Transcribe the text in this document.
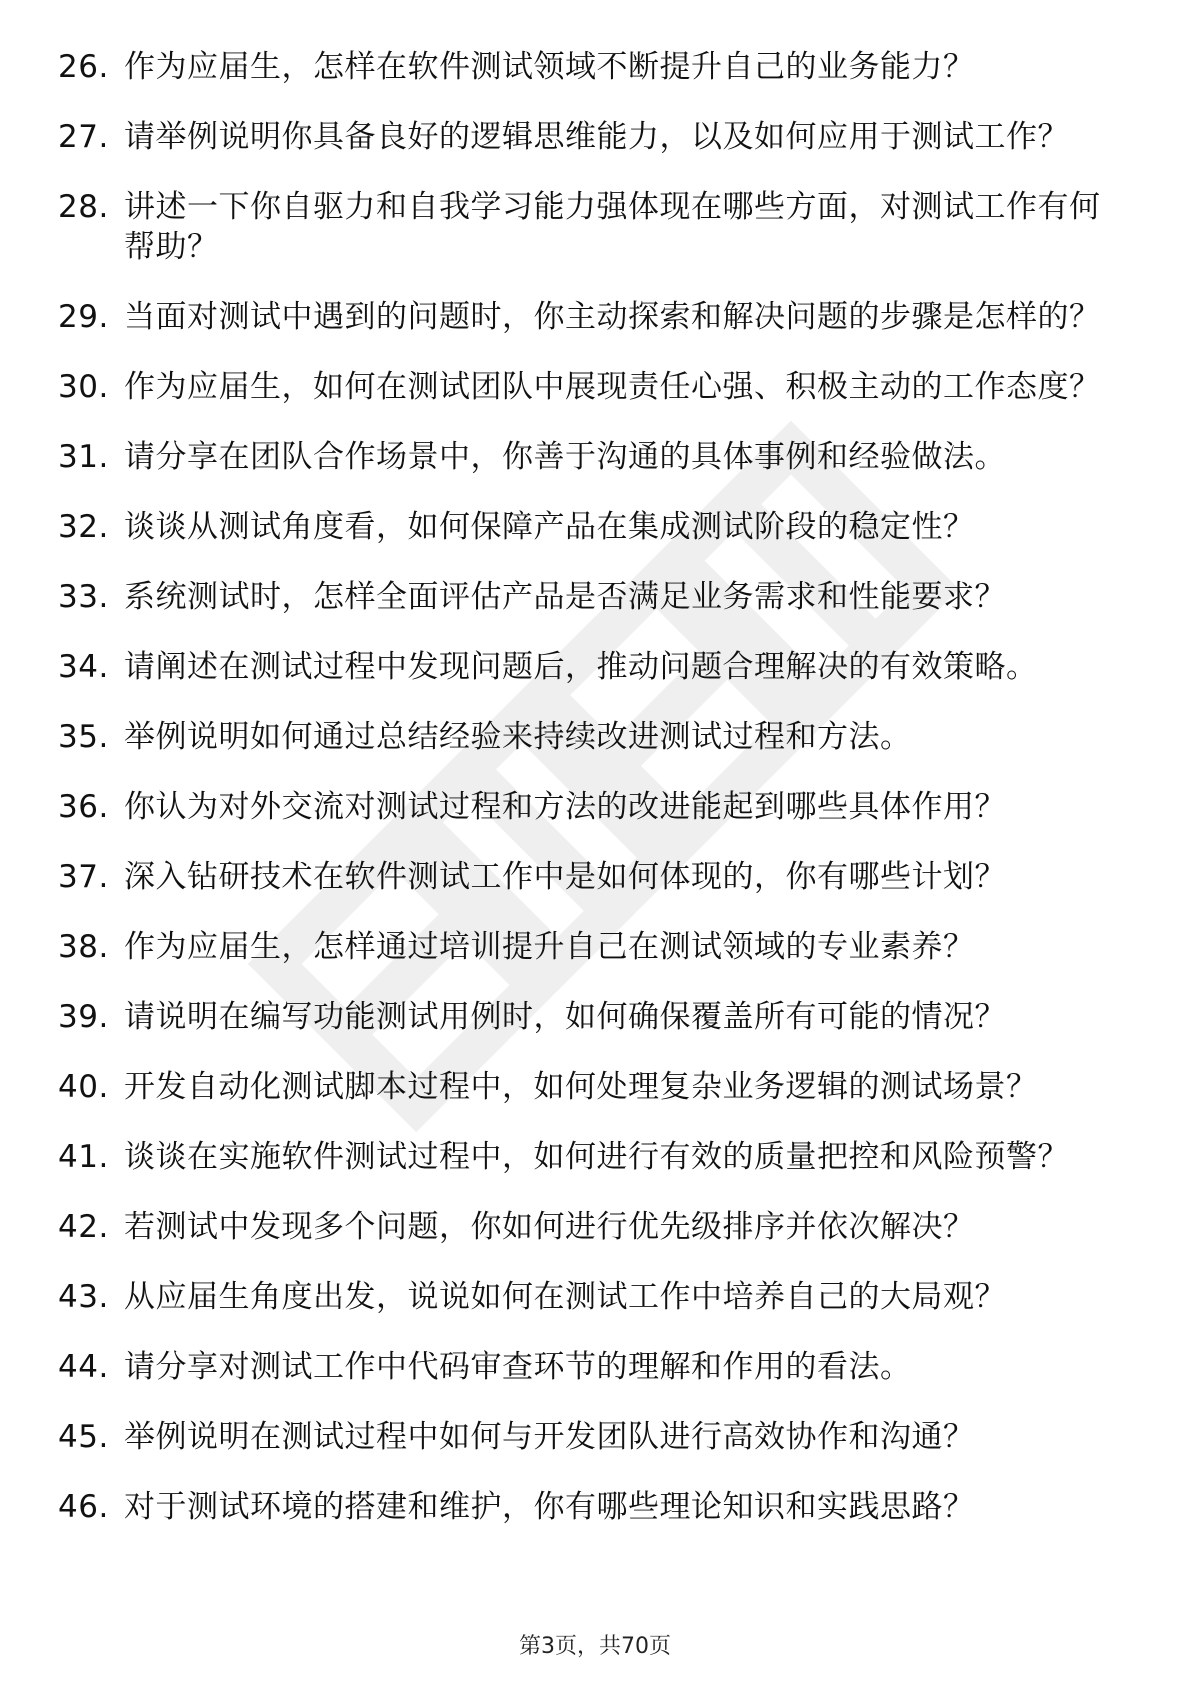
26. 作为应届生，怎样在软件测试领域不断提升自己的业务能力？
27. 请举例说明你具备良好的逻辑思维能力，以及如何应用于测试工作？
28. 讲述一下你自驱力和自我学习能力强体现在哪些方面，对测试工作有何帮助？
29. 当面对测试中遇到的问题时，你主动探索和解决问题的步骤是怎样的？
30. 作为应届生，如何在测试团队中展现责任心强、积极主动的工作态度？
31. 请分享在团队合作场景中，你善于沟通的具体事例和经验做法。
32. 谈谈从测试角度看，如何保障产品在集成测试阶段的稳定性？
33. 系统测试时，怎样全面评估产品是否满足业务需求和性能要求？
34. 请阐述在测试过程中发现问题后，推动问题合理解决的有效策略。
35. 举例说明如何通过总结经验来持续改进测试过程和方法。
36. 你认为对外交流对测试过程和方法的改进能起到哪些具体作用？
37. 深入钻研技术在软件测试工作中是如何体现的，你有哪些计划？
38. 作为应届生，怎样通过培训提升自己在测试领域的专业素养？
39. 请说明在编写功能测试用例时，如何确保覆盖所有可能的情况？
40. 开发自动化测试脚本过程中，如何处理复杂业务逻辑的测试场景？
41. 谈谈在实施软件测试过程中，如何进行有效的质量把控和风险预警？
42. 若测试中发现多个问题，你如何进行优先级排序并依次解决？
43. 从应届生角度出发，说说如何在测试工作中培养自己的大局观？
44. 请分享对测试工作中代码审查环节的理解和作用的看法。
45. 举例说明在测试过程中如何与开发团队进行高效协作和沟通？
46. 对于测试环境的搭建和维护，你有哪些理论知识和实践思路？
第3页，共70页
